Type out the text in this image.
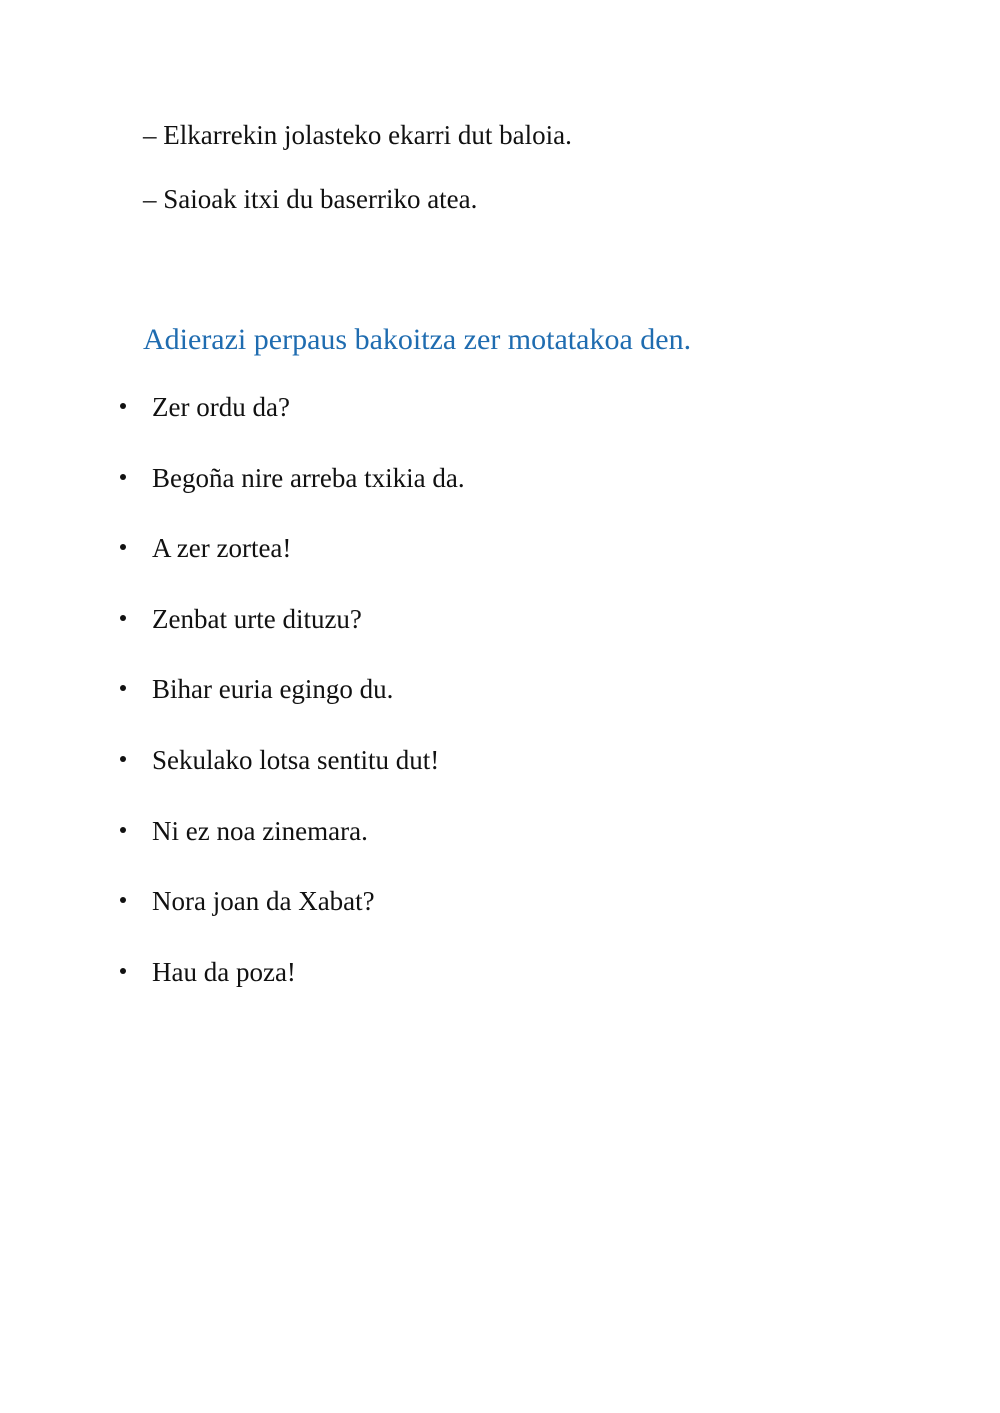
– Elkarrekin jolasteko ekarri dut baloia.
– Saioak itxi du baserriko atea.
Adierazi perpaus bakoitza zer motatakoa den.
Zer ordu da?
Begoña nire arreba txikia da.
A zer zortea!
Zenbat urte dituzu?
Bihar euria egingo du.
Sekulako lotsa sentitu dut!
Ni ez noa zinemara.
Nora joan da Xabat?
Hau da poza!
